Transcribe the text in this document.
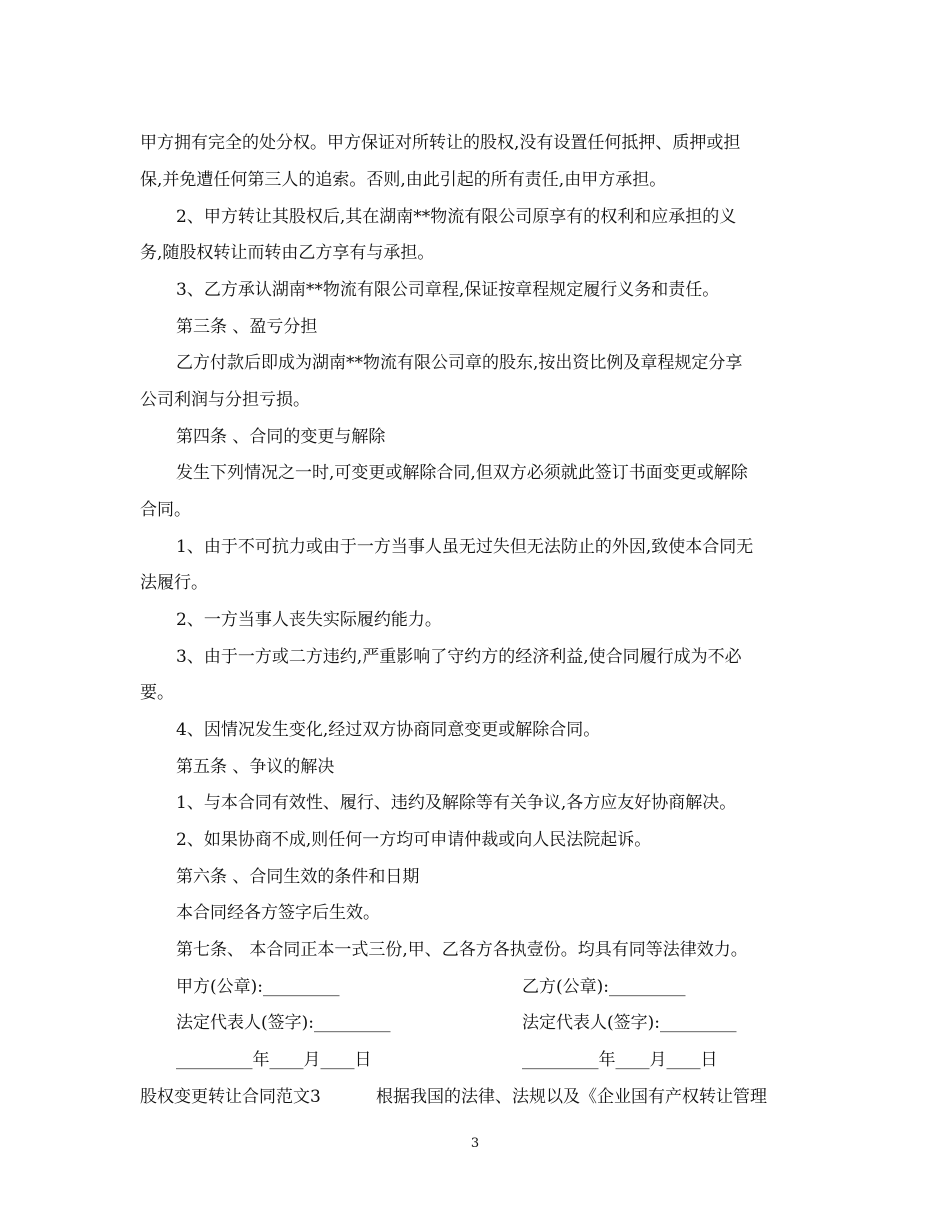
甲方拥有完全的处分权。甲方保证对所转让的股权,没有设置任何抵押、质押或担
保,并免遭任何第三人的追索。否则,由此引起的所有责任,由甲方承担。
2、甲方转让其股权后,其在湖南**物流有限公司原享有的权利和应承担的义
务,随股权转让而转由乙方享有与承担。
3、乙方承认湖南**物流有限公司章程,保证按章程规定履行义务和责任。
第三条 、盈亏分担
乙方付款后即成为湖南**物流有限公司章的股东,按出资比例及章程规定分享
公司利润与分担亏损。
第四条 、合同的变更与解除
发生下列情况之一时,可变更或解除合同,但双方必须就此签订书面变更或解除
合同。
1、由于不可抗力或由于一方当事人虽无过失但无法防止的外因,致使本合同无
法履行。
2、一方当事人丧失实际履约能力。
3、由于一方或二方违约,严重影响了守约方的经济利益,使合同履行成为不必
要。
4、因情况发生变化,经过双方协商同意变更或解除合同。
第五条 、争议的解决
1、与本合同有效性、履行、违约及解除等有关争议,各方应友好协商解决。
2、如果协商不成,则任何一方均可申请仲裁或向人民法院起诉。
第六条 、合同生效的条件和日期
本合同经各方签字后生效。
第七条、 本合同正本一式三份,甲、乙各方各执壹份。均具有同等法律效力。
甲方(公章):_________	乙方(公章):_________
法定代表人(签字):_________	法定代表人(签字):_________
_________年____月____日	_________年____月____日
股权变更转让合同范文3	根据我国的法律、法规以及《企业国有产权转让管理
3
